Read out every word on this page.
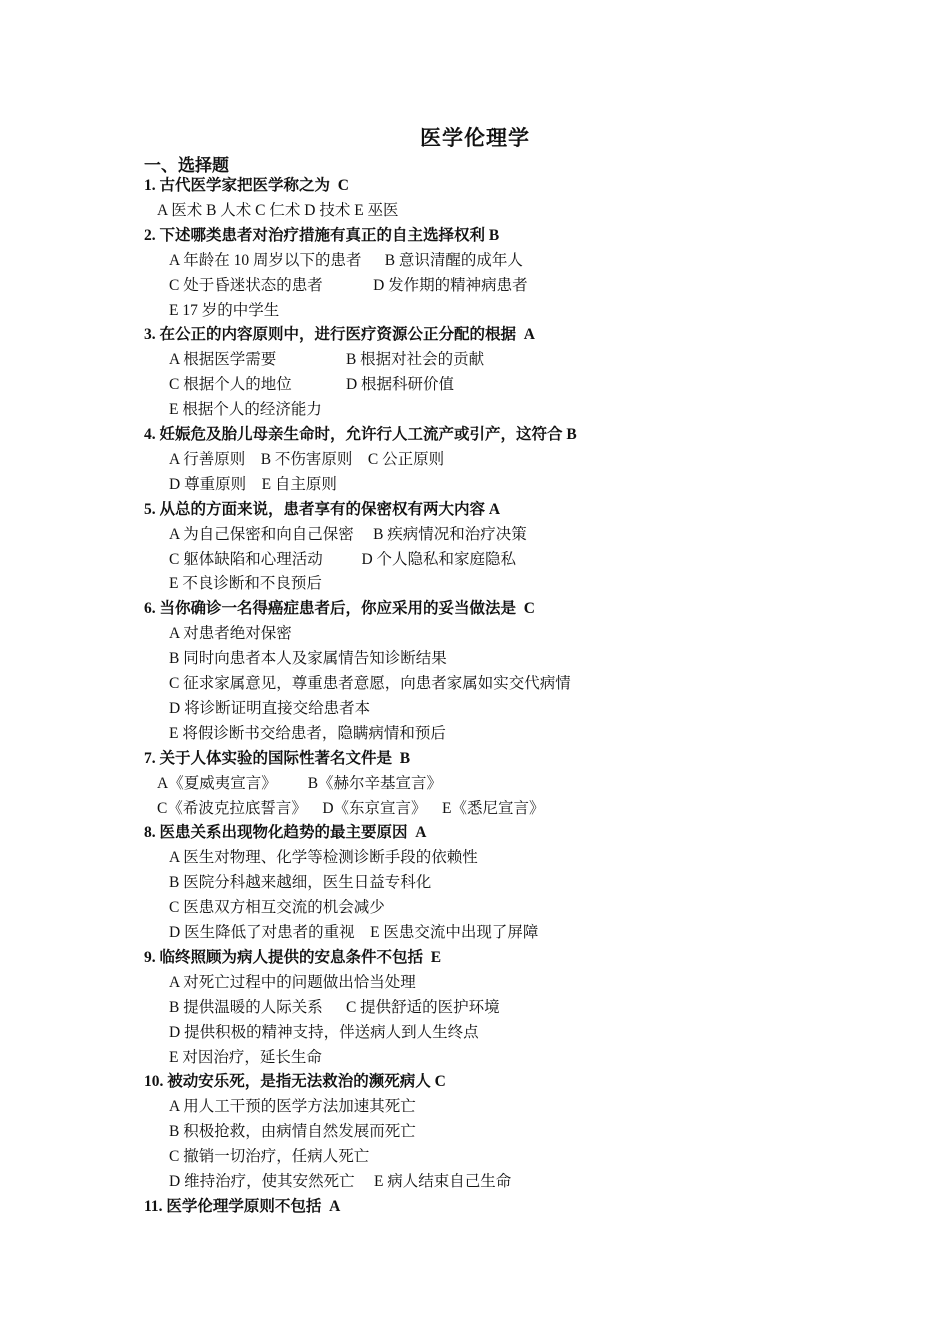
医学伦理学
一、选择题
1. 古代医学家把医学称之为  C
A 医术 B 人术 C 仁术 D 技术 E 巫医
2. 下述哪类患者对治疗措施有真正的自主选择权利 B
A 年龄在 10 周岁以下的患者      B 意识清醒的成年人
C 处于昏迷状态的患者             D 发作期的精神病患者
E 17 岁的中学生
3. 在公正的内容原则中，进行医疗资源公正分配的根据  A
A 根据医学需要                  B 根据对社会的贡献
C 根据个人的地位              D 根据科研价值
E 根据个人的经济能力
4. 妊娠危及胎儿母亲生命时，允许行人工流产或引产，这符合 B
A 行善原则    B 不伤害原则    C 公正原则
D 尊重原则    E 自主原则
5. 从总的方面来说，患者享有的保密权有两大内容 A
A 为自己保密和向自己保密     B 疾病情况和治疗决策
C 躯体缺陷和心理活动          D 个人隐私和家庭隐私
E 不良诊断和不良预后
6. 当你确诊一名得癌症患者后，你应采用的妥当做法是  C
A 对患者绝对保密
B 同时向患者本人及家属情告知诊断结果
C 征求家属意见，尊重患者意愿，向患者家属如实交代病情
D 将诊断证明直接交给患者本
E 将假诊断书交给患者，隐瞒病情和预后
7. 关于人体实验的国际性著名文件是  B
A《夏威夷宣言》        B《赫尔辛基宣言》
C《希波克拉底誓言》    D《东京宣言》    E《悉尼宣言》
8. 医患关系出现物化趋势的最主要原因  A
A 医生对物理、化学等检测诊断手段的依赖性
B 医院分科越来越细，医生日益专科化
C 医患双方相互交流的机会减少
D 医生降低了对患者的重视    E 医患交流中出现了屏障
9. 临终照顾为病人提供的安息条件不包括  E
A 对死亡过程中的问题做出恰当处理
B 提供温暖的人际关系      C 提供舒适的医护环境
D 提供积极的精神支持，伴送病人到人生终点
E 对因治疗，延长生命
10. 被动安乐死，是指无法救治的濒死病人 C
A 用人工干预的医学方法加速其死亡
B 积极抢救，由病情自然发展而死亡
C 撤销一切治疗，任病人死亡
D 维持治疗，使其安然死亡     E 病人结束自己生命
11. 医学伦理学原则不包括  A
